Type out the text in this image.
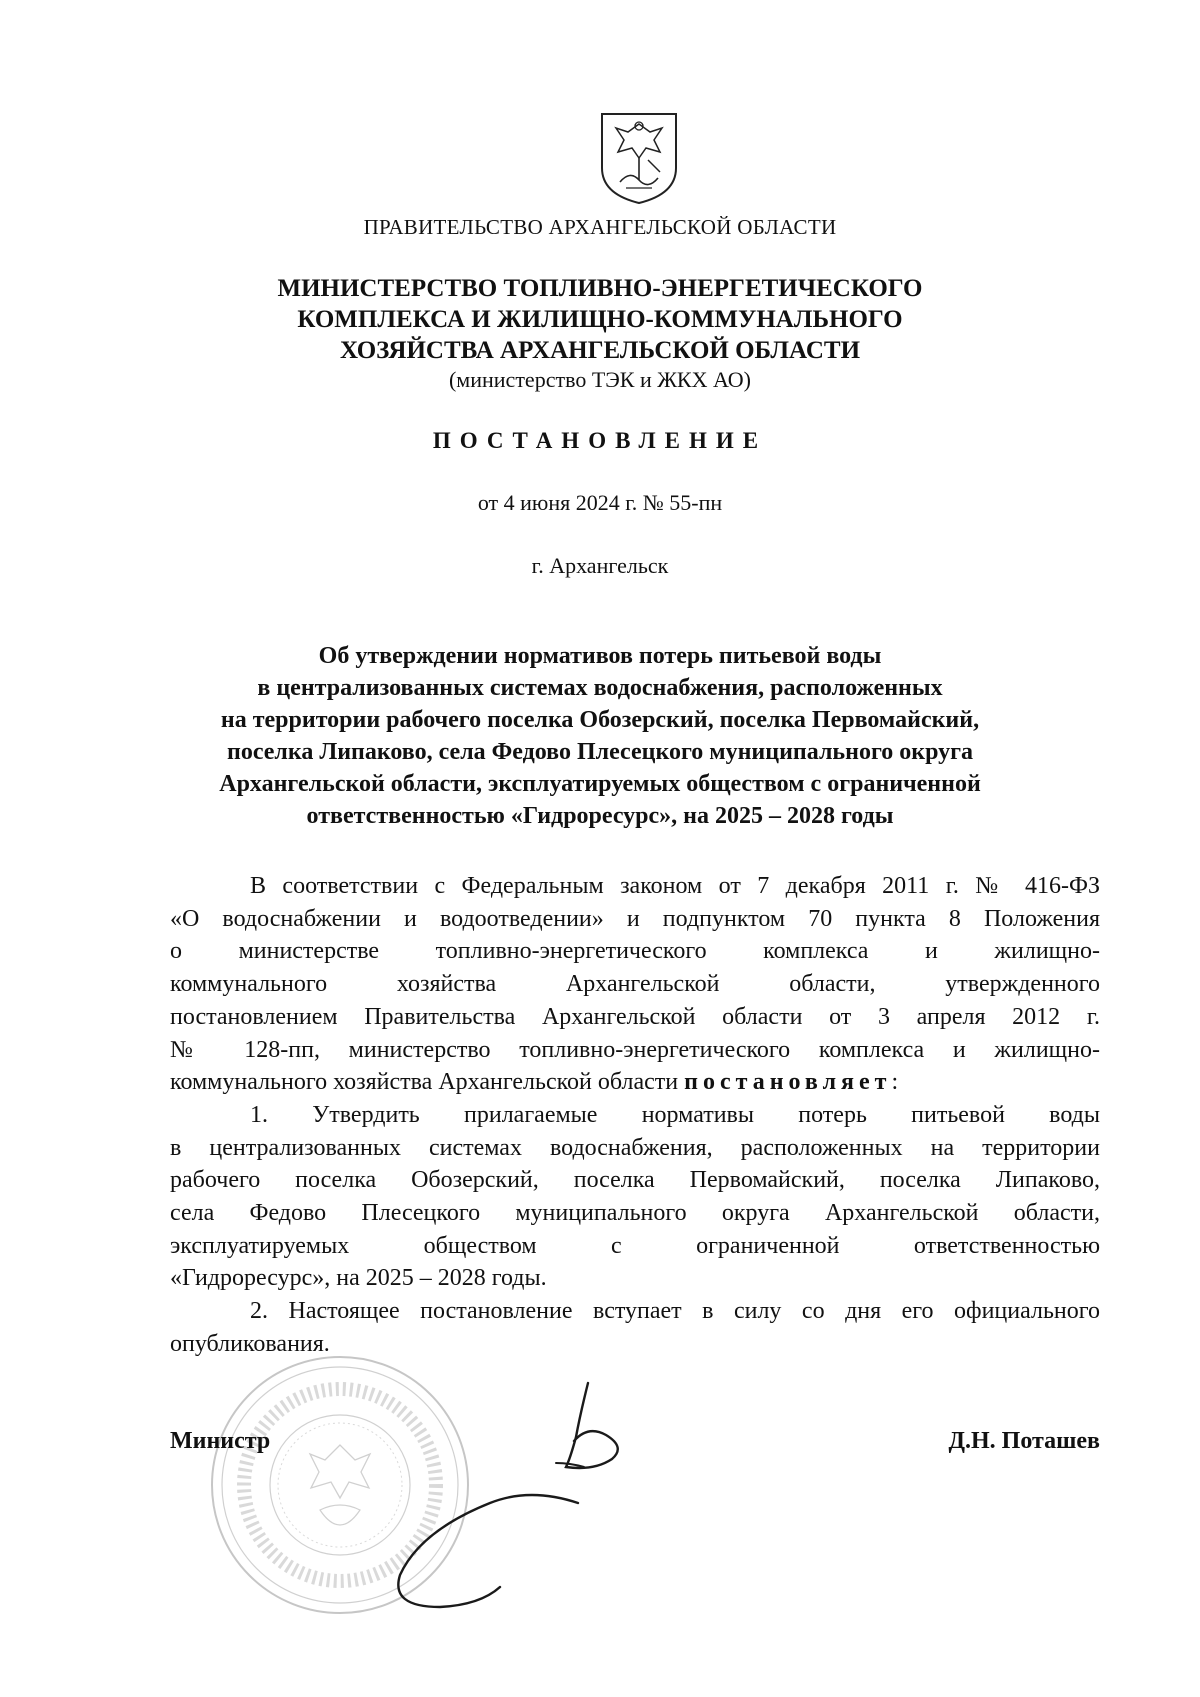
ПРАВИТЕЛЬСТВО АРХАНГЕЛЬСКОЙ ОБЛАСТИ
МИНИСТЕРСТВО ТОПЛИВНО-ЭНЕРГЕТИЧЕСКОГО
КОМПЛЕКСА И ЖИЛИЩНО-КОММУНАЛЬНОГО
ХОЗЯЙСТВА АРХАНГЕЛЬСКОЙ ОБЛАСТИ
(министерство ТЭК и ЖКХ АО)
ПОСТАНОВЛЕНИЕ
от 4 июня 2024 г. № 55-пн
г. Архангельск
Об утверждении нормативов потерь питьевой воды
в централизованных системах водоснабжения, расположенных
на территории рабочего поселка Обозерский, поселка Первомайский,
поселка Липаково, села Федово Плесецкого муниципального округа
Архангельской области, эксплуатируемых обществом с ограниченной
ответственностью «Гидроресурс», на 2025 – 2028 годы
В соответствии с Федеральным законом от 7 декабря 2011 г. № 416-ФЗ
«О водоснабжении и водоотведении» и подпунктом 70 пункта 8 Положения
о министерстве топливно-энергетического комплекса и жилищно-
коммунального хозяйства Архангельской области, утвержденного
постановлением Правительства Архангельской области от 3 апреля 2012 г.
№ 128-пп, министерство топливно-энергетического комплекса и жилищно-
коммунального хозяйства Архангельской области постановляет:
1. Утвердить прилагаемые нормативы потерь питьевой воды
в централизованных системах водоснабжения, расположенных на территории
рабочего поселка Обозерский, поселка Первомайский, поселка Липаково,
села Федово Плесецкого муниципального округа Архангельской области,
эксплуатируемых обществом с ограниченной ответственностью
«Гидроресурс», на 2025 – 2028 годы.
2. Настоящее постановление вступает в силу со дня его официального
опубликования.
Министр	Д.Н. Поташев
